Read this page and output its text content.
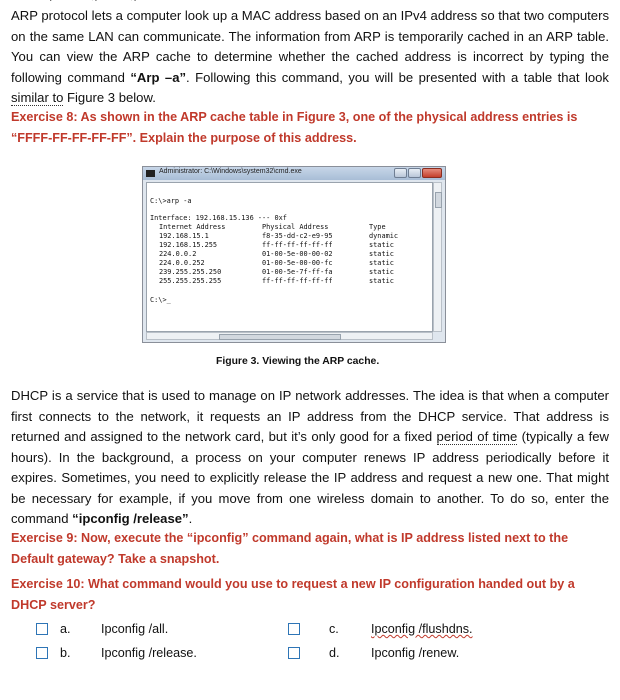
ARP protocol lets a computer look up a MAC address based on an IPv4 address so that two computers on the same LAN can communicate. The information from ARP is temporarily cached in an ARP table. You can view the ARP cache to determine whether the cached address is incorrect by typing the following command “Arp –a”. Following this command, you will be presented with a table that look similar to Figure 3 below.

Exercise 8: As shown in the ARP cache table in Figure 3, one of the physical address entries is “FFFF-FF-FF-FF-FF”. Explain the purpose of this address.

Administrator: C:\Windows\system32\cmd.exe
C:\>arp -a
Interface: 192.168.15.136 --- 0xf
Internet Address	Physical Address	Type
192.168.15.1	f8-35-dd-c2-e9-95	dynamic
192.168.15.255	ff-ff-ff-ff-ff-ff	static
224.0.0.2	01-00-5e-00-00-02	static
224.0.0.252	01-00-5e-00-00-fc	static
239.255.255.250	01-00-5e-7f-ff-fa	static
255.255.255.255	ff-ff-ff-ff-ff-ff	static
C:\>_
Figure 3. Viewing the ARP cache.

DHCP is a service that is used to manage on IP network addresses. The idea is that when a computer first connects to the network, it requests an IP address from the DHCP service. That address is returned and assigned to the network card, but it’s only good for a fixed period of time (typically a few hours). In the background, a process on your computer renews IP address periodically before it expires. Sometimes, you need to explicitly release the IP address and request a new one. That might be necessary for example, if you move from one wireless domain to another. To do so, enter the command “ipconfig /release”.

Exercise 9: Now, execute the “ipconfig” command again, what is IP address listed next to the Default gateway? Take a snapshot.

Exercise 10: What command would you use to request a new IP configuration handed out by a DHCP server?

a. Ipconfig /all.
b. Ipconfig /release.
c.	Ipconfig /flushdns.
d. Ipconfig /renew.
